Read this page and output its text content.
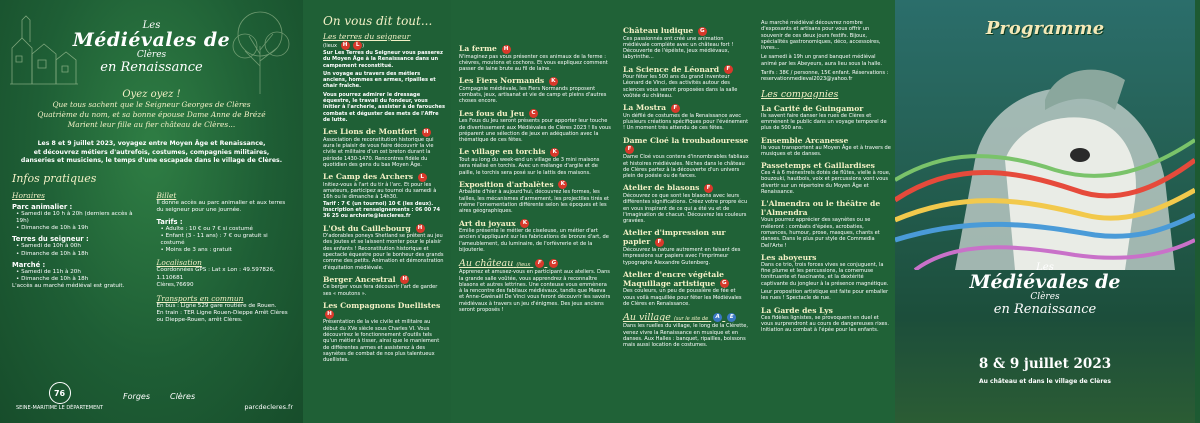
Les
Médiévales de
Clères
en Renaissance
Oyez oyez !

Que tous sachent que le Seigneur Georges de Clères

Quatrième du nom, et sa bonne épouse Dame Anne de Brézé

Marient leur fille au fier château de Clères...

Les 8 et 9 juillet 2023, voyagez entre Moyen Âge et Renaissance,
et découvrez métiers d'autrefois, costumes, compagnies militaires,
danseries et musiciens, le temps d'une escapade dans le village de Clères.
Infos pratiques
Horaires
Parc animalier :
• Samedi de 10 h à 20h (derniers accès à 19h)
• Dimanche de 10h à 19h
Terres du seigneur :
• Samedi de 10h à 00h
• Dimanche de 10h à 18h
Marché :
• Samedi de 11h à 20h
• Dimanche de 10h à 18h
L'accès au marché médiéval est gratuit.
Billet
Il donne accès au parc animalier et aux terres du seigneur pour une journée.
Tarifs :
• Adulte : 10 € ou 7 € si costumé
• Enfant (3 - 11 ans) : 7 € ou gratuit si costumé
• Moins de 3 ans : gratuit
Localisation
Coordonnées GPS : Lat x Lon : 49.597826, 1.110681
Clères,76690
Transports en commun
En bus : Ligne 529 gare routière de Rouen.
En train : TER Ligne Rouen-Dieppe Arrêt Clères ou Dieppe-Rouen, arrêt Clères.
76
SEINE-MARITIME LE DÉPARTEMENT
Forges	Clères
parcdecleres.fr
On vous dit tout...
Les terres du seigneur
(lieux H L )
Sur Les Terres du Seigneur vous passerez du Moyen Âge à la Renaissance dans un campement reconstitué.
Un voyage au travers des métiers anciens, hommes en armes, ripailles et chair fraîche.
Vous pourrez admirer le dressage équestre, le travail du fondeur, vous initier à l'archerie, assister à de farouches combats et déguster des mets de l'Affre de lutte.
Les Lions de Montfort H
Association de reconstitution historique qui aura le plaisir de vous faire découvrir la vie civile et militaire d'un ost breton durant la période 1430-1470. Rencontres fidèle du quotidien des gens du bas Moyen Âge.
Le Camp des Archers L
Initiez-vous à l'art du tir à l'arc. Et pour les amateurs, participez au tournoi du samedi à 16h ou le dimanche à 14h30.
Tarif : 7 € (un tournoi) 10 € (les deux). Inscription et renseignements : 06 00 74 36 25 ou archerie@lescleres.fr
L'Ost du Caillebourg H
D'adorables poneys Shetland se prêtent au jeu des joutes et se laissent monter pour le plaisir des enfants ! Reconstitution historique et spectacle équestre pour le bonheur des grands comme des petits. Animation et démonstration d'équitation médiévale.
Berger Ancestral H
Ce berger vous fera découvrir l'art de garder ses « moutons ».
Les Compagnons Duellistes H
Présentation de la vie civile et militaire au début du XVe siècle sous Charles VI. Vous découvrirez le fonctionnement d'outils tels qu'un métier à tisser, ainsi que le maniement de différentes armes et assisterez à des saynètes de combat de nos plus talentueux duellistes.
La ferme H
N'imaginez pas vous présenter ces animaux de la ferme : chèvres, moutons et cochons. Et vous expliquez comment passer de laine brute au fil de laine.
Les Fiers Normands K
Compagnie médiévale, les Fiers Normands proposent combats, jeux, artisanat et vie de camp et pleins d'autres choses encore.
Les fous du Jeu C
Les Fous du Jeu seront présents pour apporter leur touche de divertissement aux Médiévales de Clères 2023 ! Ils vous préparent une sélection de jeux en adéquation avec la thématique de ces fêtes.
Le village en torchis K
Tout au long du week-end un village de 3 mini maisons sera réalisé en torchis. Avec un mélange d'argile et de paille, le torchis sera posé sur le lattis des maisons.
Exposition d'arbalètes K
Arbalète d'hier à aujourd'hui, découvrez les formes, les tailles, les mécanismes d'armement, les projectiles tirés et même l'ornementation différente selon les époques et les aires géographiques.
Art du joyaux K
Emilie présente le métier de ciseleuse, un métier d'art ancien s'appliquant sur les fabrications de bronze d'art, de l'ameublement, du luminaire, de l'orfèvrerie et de la bijouterie.
Au château (lieux F G
Apprenez et amusez-vous en participant aux ateliers. Dans la grande salle voûtée, vous apprendrez à reconnaître blasons et autres lettrines. Une conteuse vous emmènera à la rencontre des fabliaux médiévaux, tandis que Maeva et Anne-Gwénaël De Vinci vous feront découvrir les savoirs médiévaux à travers un jeu d'énigmes. Des jeux anciens seront proposés !
Château ludique G
Ces passionnés ont créé une animation médiévale complète avec un château fort ! Découverte de l'épéiste, jeux médiévaux, labyrinthe...
La Science de Léonard F
Pour fêter les 500 ans du grand inventeur Léonard de Vinci, des activités autour des sciences vous seront proposées dans la salle voûtée du château.
La Mostra F
Un défilé de costumes de la Renaissance avec plusieurs créations spécifiques pour l'événement ! Un moment très attendu de ces fêtes.
Dame Cloé la troubadouresse F
Dame Cloé vous contera d'innombrables fabliaux et histoires médiévales. Niches dans le château de Clères partez à la découverte d'un univers plein de poésie ou de farces.
Atelier de blasons F
Découvrez ce que sont les blasons avec leurs différentes significations. Créez votre propre écu en vous inspirant de ce qui a été vu et de l'imagination de chacun. Découvrez les couleurs gravées.
Atelier d'impression sur papier F
Découvrez la nature autrement en faisant des impressions sur papiers avec l'imprimeur typographe Alexandre Gutenberg.
Atelier d'encre végétale Maquillage artistique G
Des couleurs, un peu de poussière de fée et vous voilà maquillée pour fêter les Médiévales de Clères en Renaissance.
Au village (sur le site de A E
Dans les ruelles du village, le long de la Clérette, venez vivre la Renaissance en musique et en danses. Aux Halles : banquet, ripailles, boissons mais aussi location de costumes.
Au marché médiéval découvrez nombre d'exposants et artisans pour vous offrir un souvenir de ces deux jours festifs. Bijoux, spécialités gastronomiques, déco, accessoires, livres...
Le samedi à 19h un grand banquet médiéval animé par les Abeyeurs, aura lieu sous la halle.
Tarifs : 38€ / personne, 15€ enfant. Réservations : reservationmedieval2023@yahoo.fr
Les compagnies
La Carité de Guingamor
Ils savent faire danser les rues de Clères et emmènent le public dans un voyage temporel de plus de 500 ans.
Ensemble Arcanesse
Ils vous transportent au Moyen Âge et à travers de musiques et de danses.
Passetemps et Gaillardises
Ces 4 à 6 ménestrels dotés de flûtes, vielle à roue, bouzouki, hautbois, voix et percussions vont vous divertir sur un répertoire du Moyen Âge et Renaissance.
L'Almendra ou le théâtre de l'Almendra
Vous pourrez apprécier des saynètes ou se mêleront : combats d'épées, acrobaties, romances, humour, prose, masques, chants et danses. Dans le plus pur style de Commedia Dell'Arte !
Les aboyeurs
Dans ce trio, trois forces vives se conjuguent, la fine plume et les percussions, la cornemuse tonitruante et fascinante, et la dextérité captivante du jongleur à la présence magnétique.
Leur proposition artistique est faite pour emballer les rues ! Spectacle de rue.
La Garde des Lys
Ces fidèles lignistes, se provoquent en duel et vous surprendront au cours de dangereuses rixes. Initiation au combat à l'épée pour les enfants.
Programme
Les
Médiévales de
Clères
en Renaissance
8 & 9 juillet 2023
Au château et dans le village de Clères
